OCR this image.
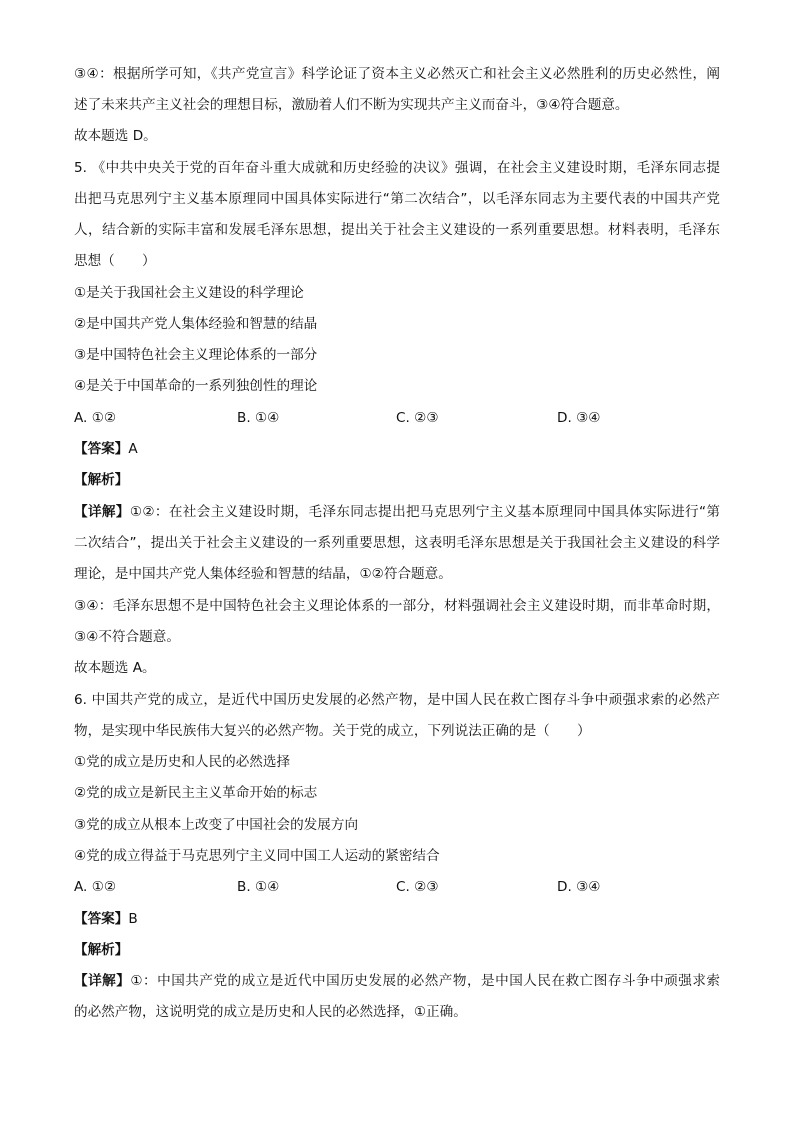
③④：根据所学可知，《共产党宣言》科学论证了资本主义必然灭亡和社会主义必然胜利的历史必然性，阐
述了未来共产主义社会的理想目标，激励着人们不断为实现共产主义而奋斗，③④符合题意。
故本题选 D。
5. 《中共中央关于党的百年奋斗重大成就和历史经验的决议》强调，在社会主义建设时期，毛泽东同志提
出把马克思列宁主义基本原理同中国具体实际进行“第二次结合”，以毛泽东同志为主要代表的中国共产党
人，结合新的实际丰富和发展毛泽东思想，提出关于社会主义建设的一系列重要思想。材料表明，毛泽东
思想（　　）
①是关于我国社会主义建设的科学理论
②是中国共产党人集体经验和智慧的结晶
③是中国特色社会主义理论体系的一部分
④是关于中国革命的一系列独创性的理论
A. ①②	B. ①④	C. ②③	D. ③④
【答案】A
【解析】
【详解】①②：在社会主义建设时期，毛泽东同志提出把马克思列宁主义基本原理同中国具体实际进行“第
二次结合”，提出关于社会主义建设的一系列重要思想，这表明毛泽东思想是关于我国社会主义建设的科学
理论，是中国共产党人集体经验和智慧的结晶，①②符合题意。
③④：毛泽东思想不是中国特色社会主义理论体系的一部分，材料强调社会主义建设时期，而非革命时期，
③④不符合题意。
故本题选 A。
6. 中国共产党的成立，是近代中国历史发展的必然产物，是中国人民在救亡图存斗争中顽强求索的必然产
物，是实现中华民族伟大复兴的必然产物。关于党的成立，下列说法正确的是（　　）
①党的成立是历史和人民的必然选择
②党的成立是新民主主义革命开始的标志
③党的成立从根本上改变了中国社会的发展方向
④党的成立得益于马克思列宁主义同中国工人运动的紧密结合
A. ①②	B. ①④	C. ②③	D. ③④
【答案】B
【解析】
【详解】①：中国共产党的成立是近代中国历史发展的必然产物，是中国人民在救亡图存斗争中顽强求索
的必然产物，这说明党的成立是历史和人民的必然选择，①正确。
